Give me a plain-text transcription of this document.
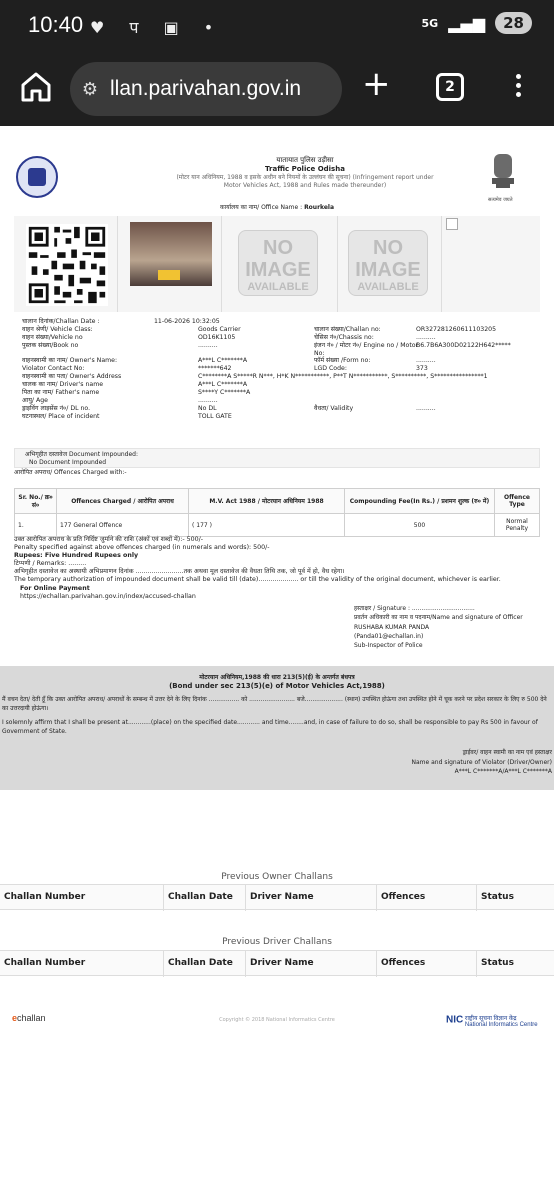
10:40 ♥ प ▣ •	5G ▂▄▆	28
⚙ llan.parivahan.gov.in +	2
यातायात पुलिस उड़ीसा
Traffic Police Odisha
(मोटर यान अधिनियम, 1988 व इसके अधीन बने नियमों के उल्लंघन की सूचना) (Infringement report under Motor Vehicles Act, 1988 and Rules made thereunder)
सत्यमेव जयते
कार्यालय का नाम/ Office Name : Rourkela
NO
IMAGE
AVAILABLE
NO
IMAGE
AVAILABLE
चालान दिनांक/Challan Date :	11-06-2026 10:32:05
वाहन श्रेणी/ Vehicle Class:	Goods Carrier	चालान संख्या/Challan no:	OR327281260611103205
वाहन संख्या/Vehicle no	OD16K1105	चेसिस नं०/Chassis no:	..........
पुस्तक संख्या/Book no	..........	इंजन नं० / मोटर नं०/ Engine no / Motor
B6.7B6A300D02122H642*****
No:
वाहनस्वामी का नाम/ Owner's Name:	A***L C*******A	फॉर्म संख्या /Form no:	..........
Violator Contact No:	*******642	LGD Code:	373
वाहनस्वामी का पता/ Owner's Address	C********A S*****R N***, H*K N***********, P**T N***********, S**********, S****************1
चालक का नाम/ Driver's name	A***L C*******A
पिता का नाम/ Father's name	S****Y C*******A
आयु/ Age	..........
ड्राइविंग लाइसेंस नं०/ DL no.	No DL	वैधता/ Validity	..........
घटनास्थल/ Place of incident	TOLL GATE
अभिगृहीत दस्तावेज Document Impounded:
No Document Impounded
आरोपित अपराध/ Offences Charged with:-
Sr. No./ क्र० सं०	Offences Charged / आरोपित अपराध	M.V. Act 1988 / मोटरयान अधिनियम 1988	Compounding Fee(In Rs.) / प्रशमन शुल्क (रु० में)	Offence Type
1.	177 General Offence	( 177 )	500	Normal Penalty
उक्त आरोपित अपराध के प्रति निर्दिष्ट जुर्माने की राशि (अंकों एवं शब्दों में):- 500/-
Penalty specified against above offences charged (in numerals and words): 500/-
Rupees: Five Hundred Rupees only
टिप्पणी / Remarks: .........
अभिगृहीत दस्तावेज का अस्थायी अभिप्रमाणन दिनांक ........................तक अथवा मूल दस्तावेज की वैधता तिथि तक, जो पूर्व में हो, वैध रहेगा।
The temporary authorization of impounded document shall be valid till (date).................... or till the validity of the original document, whichever is earlier.
For Online Payment
https://echallan.parivahan.gov.in/index/accused-challan
हस्ताक्षर / Signature : .................................
प्रवर्तन अधिकारी का नाम व पदनाम/Name and signature of Officer
RUSHABA KUMAR PANDA
(Panda01@echallan.in)
Sub-Inspector of Police
मोटरयान अधिनियम,1988 की धारा 213(5)(ई) के अन्तर्गत बंधपत्र
(Bond under sec 213(5)(e) of Motor Vehicles Act,1988)
मैं वचन देता/ देती हूँ कि उक्त आरोपित अपराध/ अपराधों के सम्बन्ध में उत्तर देने के लिए दिनांक ................ को ........................ बजे.................... (स्थान) उपस्थित होऊंगा तथा उपस्थित होने में चूक करने पर प्रदेश सरकार के लिए रु 500 देने का उत्तरदायी होऊंगा।
I solemnly affirm that I shall be present at............(place) on the specified date............ and time........and, in case of failure to do so, shall be responsible to pay Rs 500 in favour of Government of State.
ड्राईवर/ वाहन स्वामी का नाम एवं हस्ताक्षर
Name and signature of Violator (Driver/Owner)
A***L C*******A/A***L C*******A
Previous Owner Challans
Challan Number	Challan Date Driver Name	Offences	Status
Previous Driver Challans
Challan Number	Challan Date Driver Name	Offences	Status
echallan	Copyright © 2018 National Informatics Centre	NIC राष्ट्रीय सूचना विज्ञान केंद्र
National Informatics Centre
